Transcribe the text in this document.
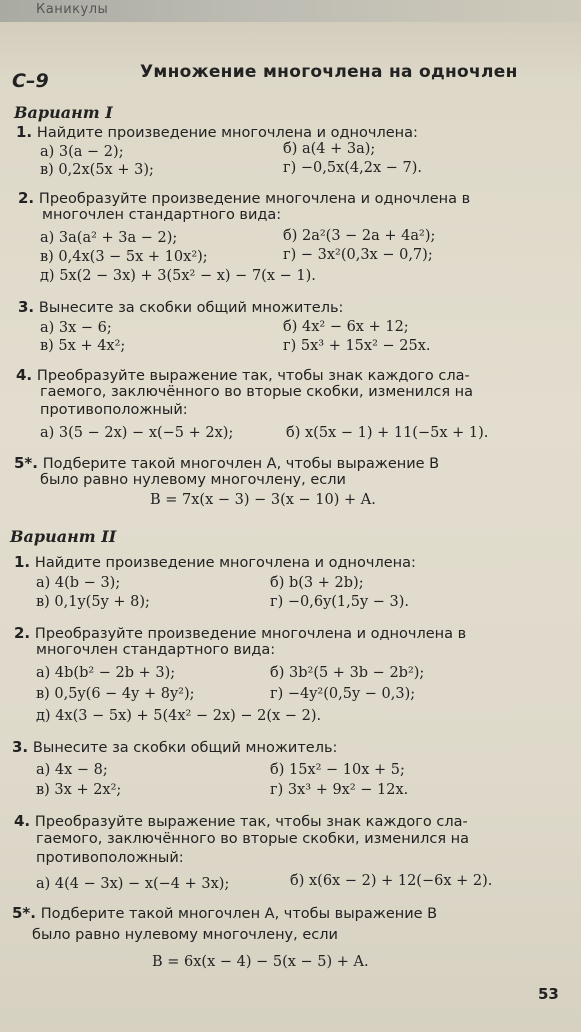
Каникулы
С–9	Умножение многочлена на одночлен
Вариант I
1. Найдите произведение многочлена и одночлена:
а) 3(a − 2);	б) a(4 + 3a);
в) 0,2x(5x + 3);	г) −0,5x(4,2x − 7).
2. Преобразуйте произведение многочлена и одночлена в
многочлен стандартного вида:
а) 3a(a² + 3a − 2);	б) 2a²(3 − 2a + 4a²);
в) 0,4x(3 − 5x + 10x²);	г) − 3x²(0,3x − 0,7);
д) 5x(2 − 3x) + 3(5x² − x) − 7(x − 1).
3. Вынесите за скобки общий множитель:
а) 3x − 6;	б) 4x² − 6x + 12;
в) 5x + 4x²;	г) 5x³ + 15x² − 25x.
4. Преобразуйте выражение так, чтобы знак каждого сла-
гаемого, заключённого во вторые скобки, изменился на
противоположный:
а) 3(5 − 2x) − x(−5 + 2x);	б) x(5x − 1) + 11(−5x + 1).
5*. Подберите такой многочлен A, чтобы выражение B
было равно нулевому многочлену, если
B = 7x(x − 3) − 3(x − 10) + A.
Вариант II
1. Найдите произведение многочлена и одночлена:
а) 4(b − 3);	б) b(3 + 2b);
в) 0,1y(5y + 8);	г) −0,6y(1,5y − 3).
2. Преобразуйте произведение многочлена и одночлена в
многочлен стандартного вида:
а) 4b(b² − 2b + 3);	б) 3b²(5 + 3b − 2b²);
в) 0,5y(6 − 4y + 8y²);	г) −4y²(0,5y − 0,3);
д) 4x(3 − 5x) + 5(4x² − 2x) − 2(x − 2).
3. Вынесите за скобки общий множитель:
а) 4x − 8;	б) 15x² − 10x + 5;
в) 3x + 2x²;	г) 3x³ + 9x² − 12x.
4. Преобразуйте выражение так, чтобы знак каждого сла-
гаемого, заключённого во вторые скобки, изменился на
противоположный:
а) 4(4 − 3x) − x(−4 + 3x);	б) x(6x − 2) + 12(−6x + 2).
5*. Подберите такой многочлен A, чтобы выражение B
было равно нулевому многочлену, если
B = 6x(x − 4) − 5(x − 5) + A.
53
